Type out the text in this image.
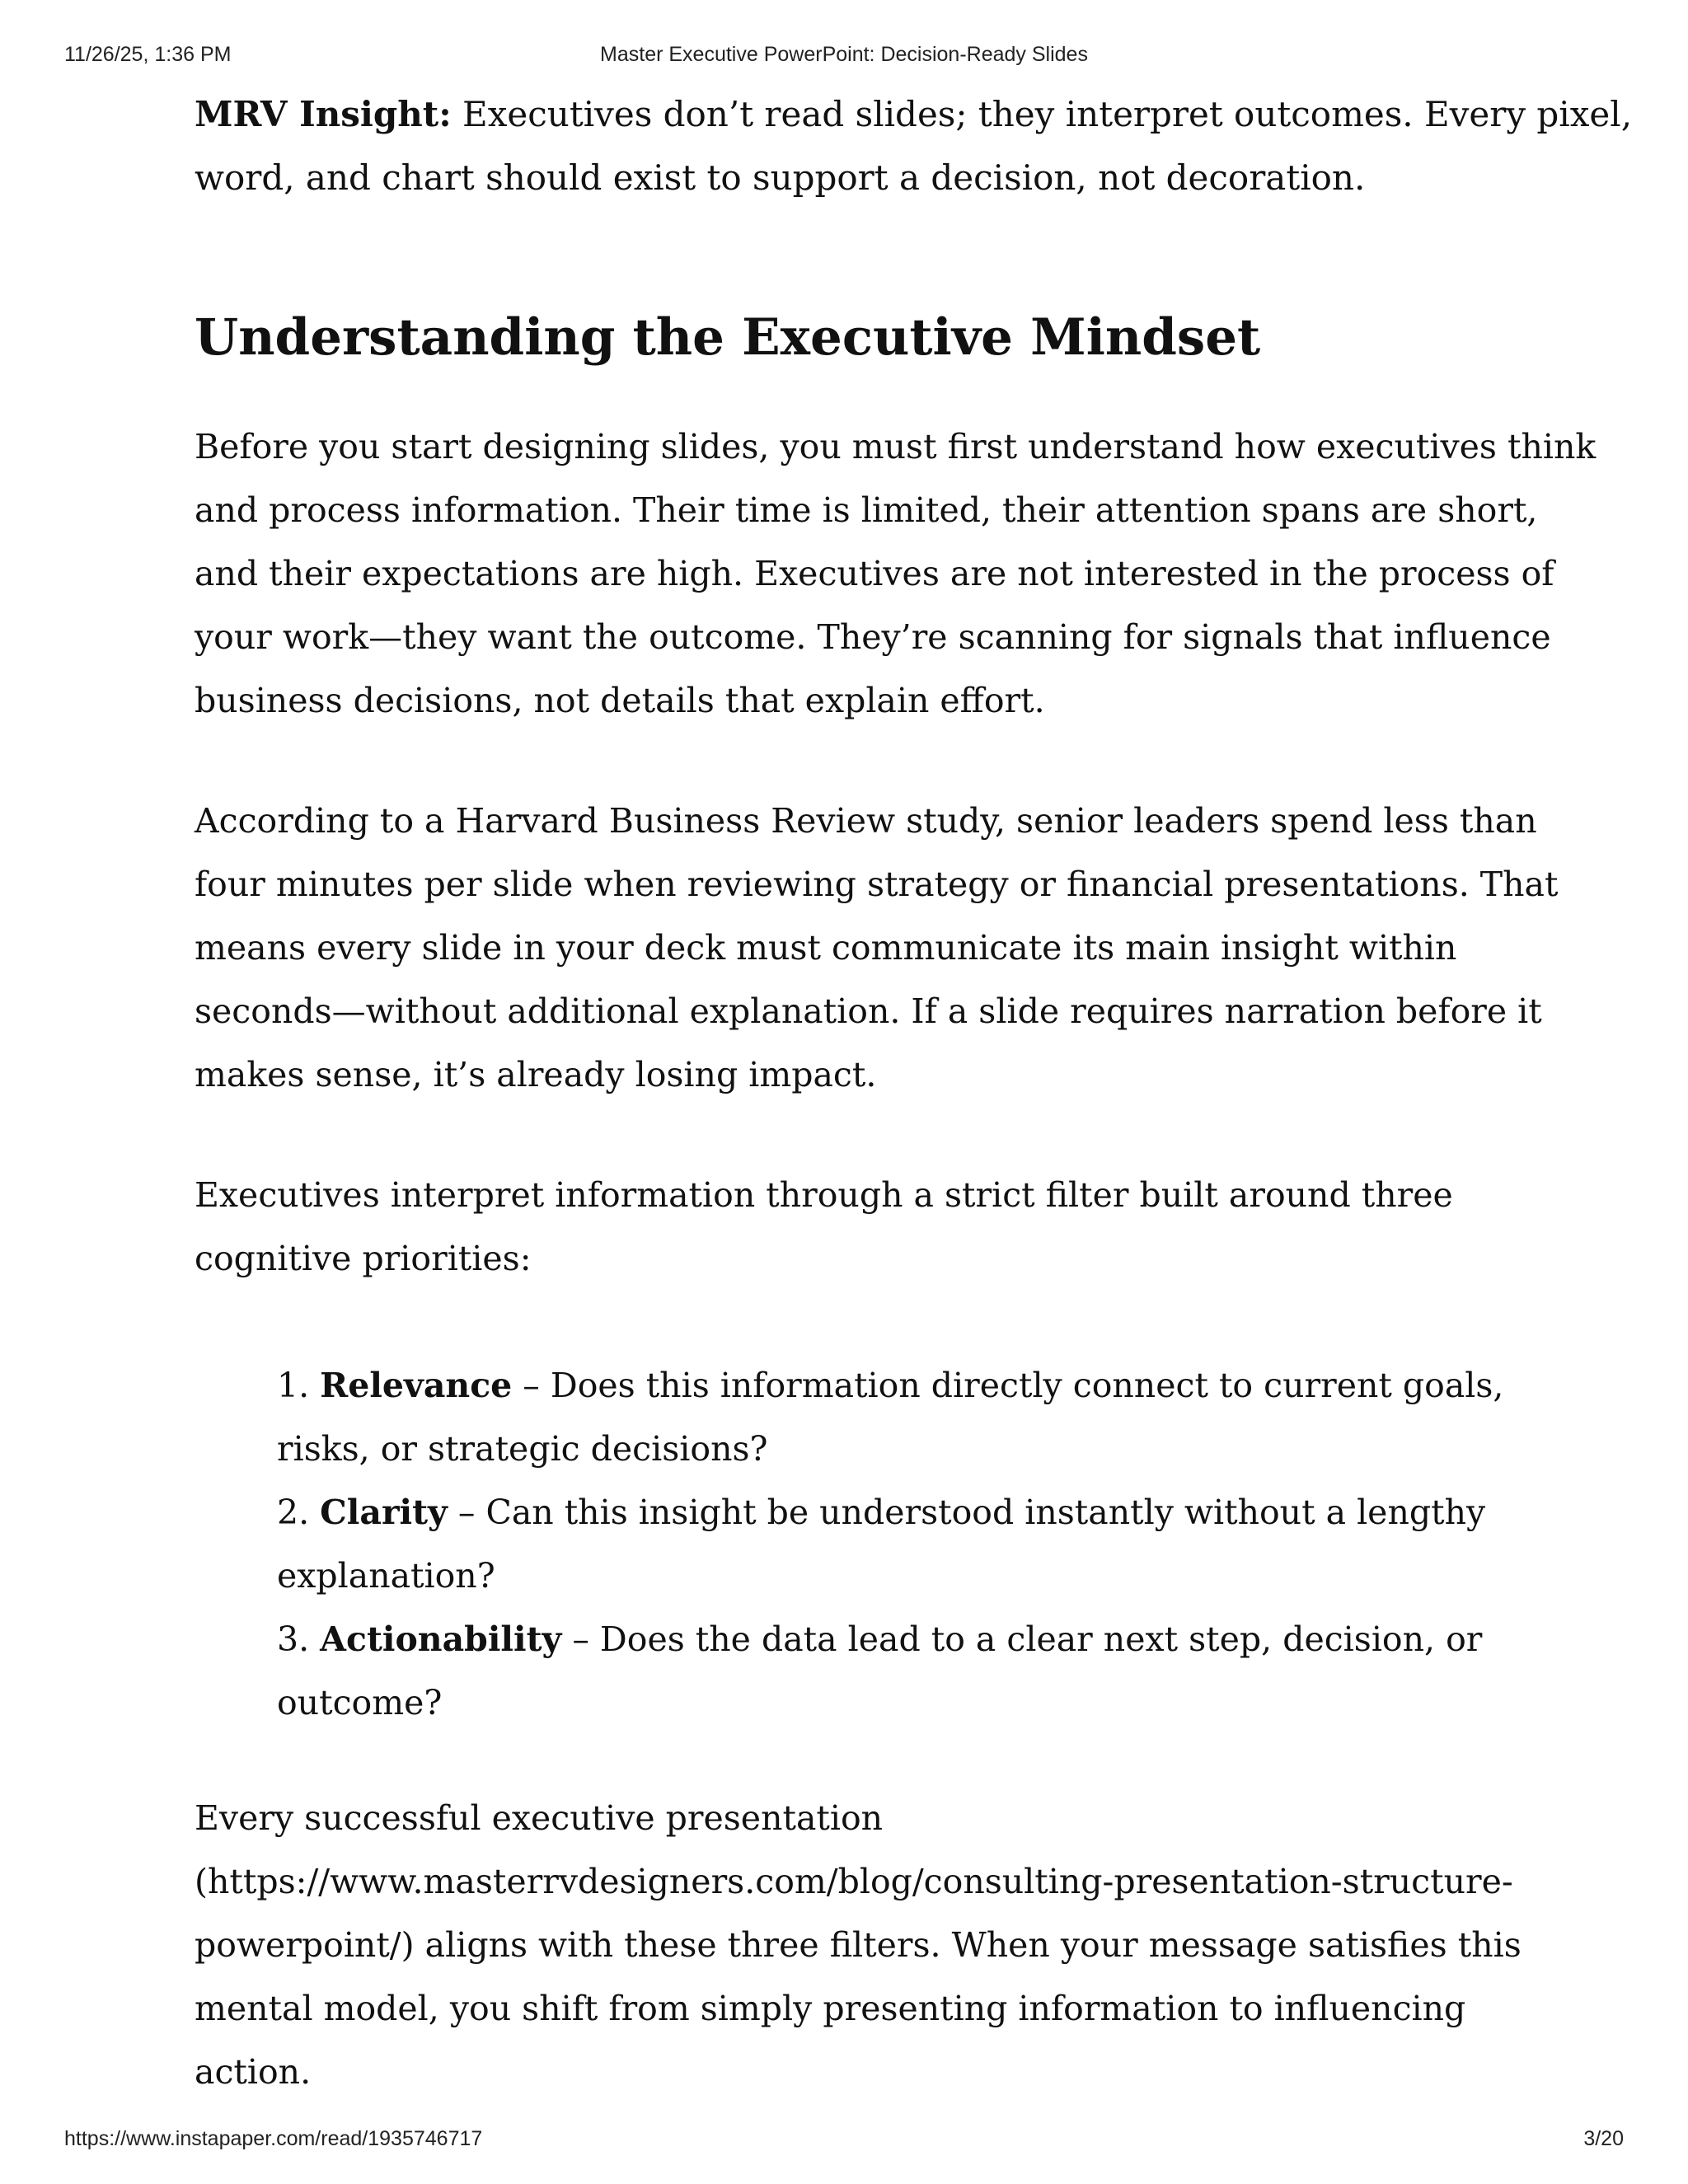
11/26/25, 1:36 PM	Master Executive PowerPoint: Decision-Ready Slides
MRV Insight: Executives don’t read slides; they interpret outcomes. Every pixel,
word, and chart should exist to support a decision, not decoration.
Understanding the Executive Mindset
Before you start designing slides, you must first understand how executives think
and process information. Their time is limited, their attention spans are short,
and their expectations are high. Executives are not interested in the process of
your work—they want the outcome. They’re scanning for signals that influence
business decisions, not details that explain effort.
According to a Harvard Business Review study, senior leaders spend less than
four minutes per slide when reviewing strategy or financial presentations. That
means every slide in your deck must communicate its main insight within
seconds—without additional explanation. If a slide requires narration before it
makes sense, it’s already losing impact.
Executives interpret information through a strict filter built around three
cognitive priorities:
1. Relevance – Does this information directly connect to current goals,
risks, or strategic decisions?
2. Clarity – Can this insight be understood instantly without a lengthy
explanation?
3. Actionability – Does the data lead to a clear next step, decision, or
outcome?
Every successful executive presentation
(https://www.masterrvdesigners.com/blog/consulting-presentation-structure-
powerpoint/) aligns with these three filters. When your message satisfies this
mental model, you shift from simply presenting information to influencing
action.
https://www.instapaper.com/read/1935746717	3/20
